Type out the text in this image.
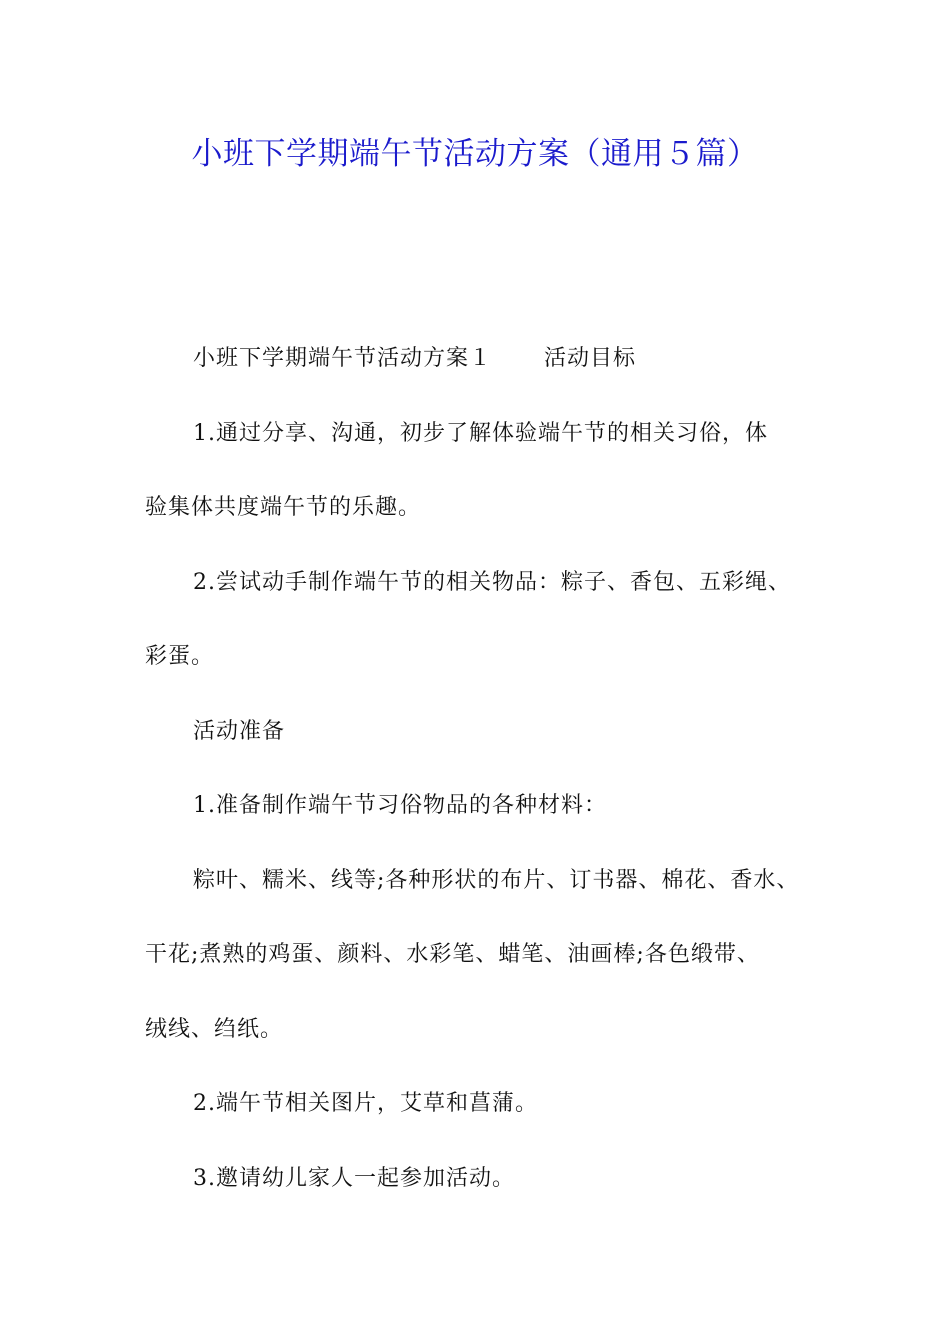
小班下学期端午节活动方案（通用５篇）
小班下学期端午节活动方案１ 活动目标
1.通过分享、沟通，初步了解体验端午节的相关习俗，体
验集体共度端午节的乐趣。
2.尝试动手制作端午节的相关物品：粽子、香包、五彩绳、
彩蛋。
活动准备
1.准备制作端午节习俗物品的各种材料：
粽叶、糯米、线等;各种形状的布片、订书器、棉花、香水、
干花;煮熟的鸡蛋、颜料、水彩笔、蜡笔、油画棒;各色缎带、
绒线、绉纸。
2.端午节相关图片，艾草和菖蒲。
3.邀请幼儿家人一起参加活动。
